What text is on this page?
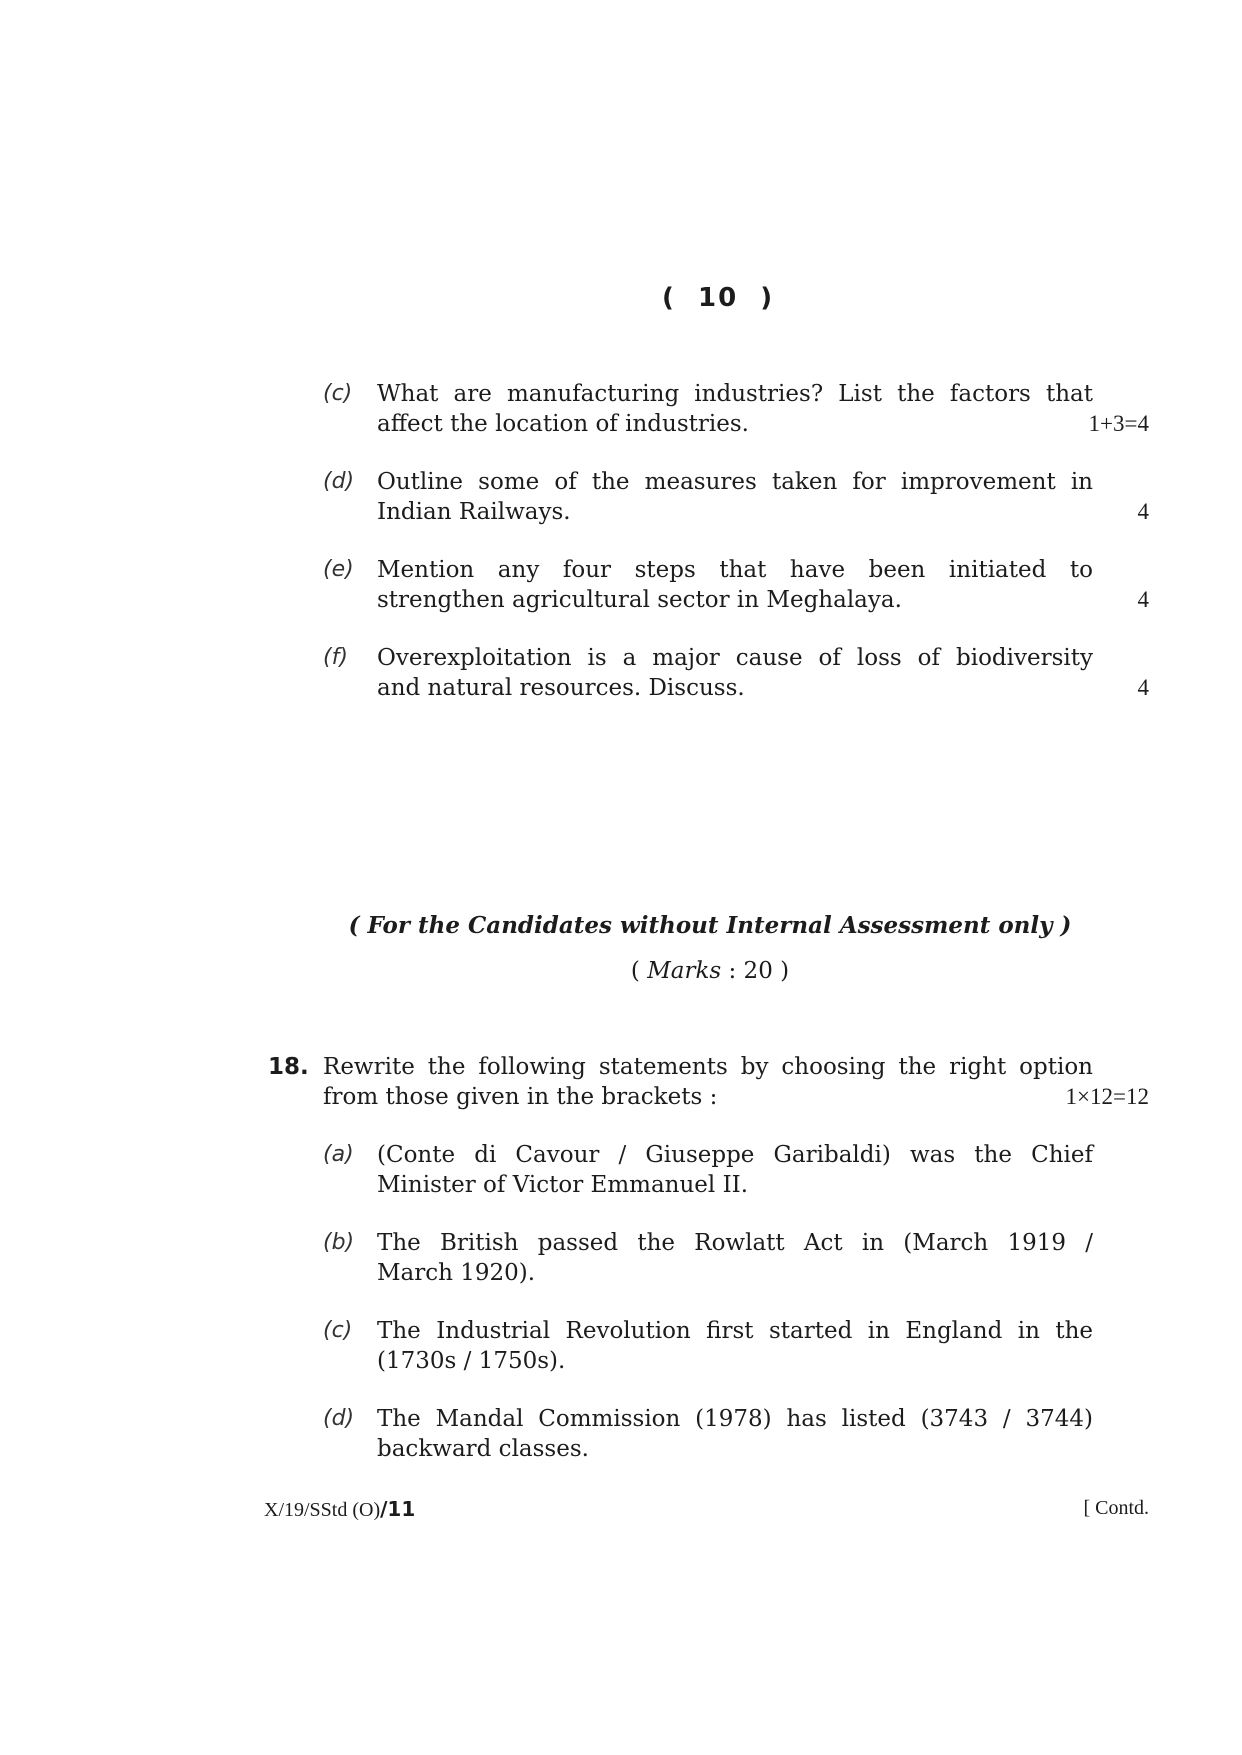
(  10  )
(c) What are manufacturing industries? List the factors that
affect the location of industries.	1+3=4
(d) Outline some of the measures taken for improvement in
Indian Railways.	4
(e) Mention any four steps that have been initiated to
strengthen agricultural sector in Meghalaya.	4
(f) Overexploitation is a major cause of loss of biodiversity
and natural resources. Discuss.	4
( For the Candidates without Internal Assessment only )
( Marks : 20 )
18. Rewrite the following statements by choosing the right option
from those given in the brackets :	1×12=12
(a) (Conte di Cavour / Giuseppe Garibaldi) was the Chief
Minister of Victor Emmanuel II.
(b) The British passed the Rowlatt Act in (March 1919 /
March 1920).
(c) The Industrial Revolution first started in England in the
(1730s / 1750s).
(d) The Mandal Commission (1978) has listed (3743 / 3744)
backward classes.
X/19/SStd (O)/11	[ Contd.
